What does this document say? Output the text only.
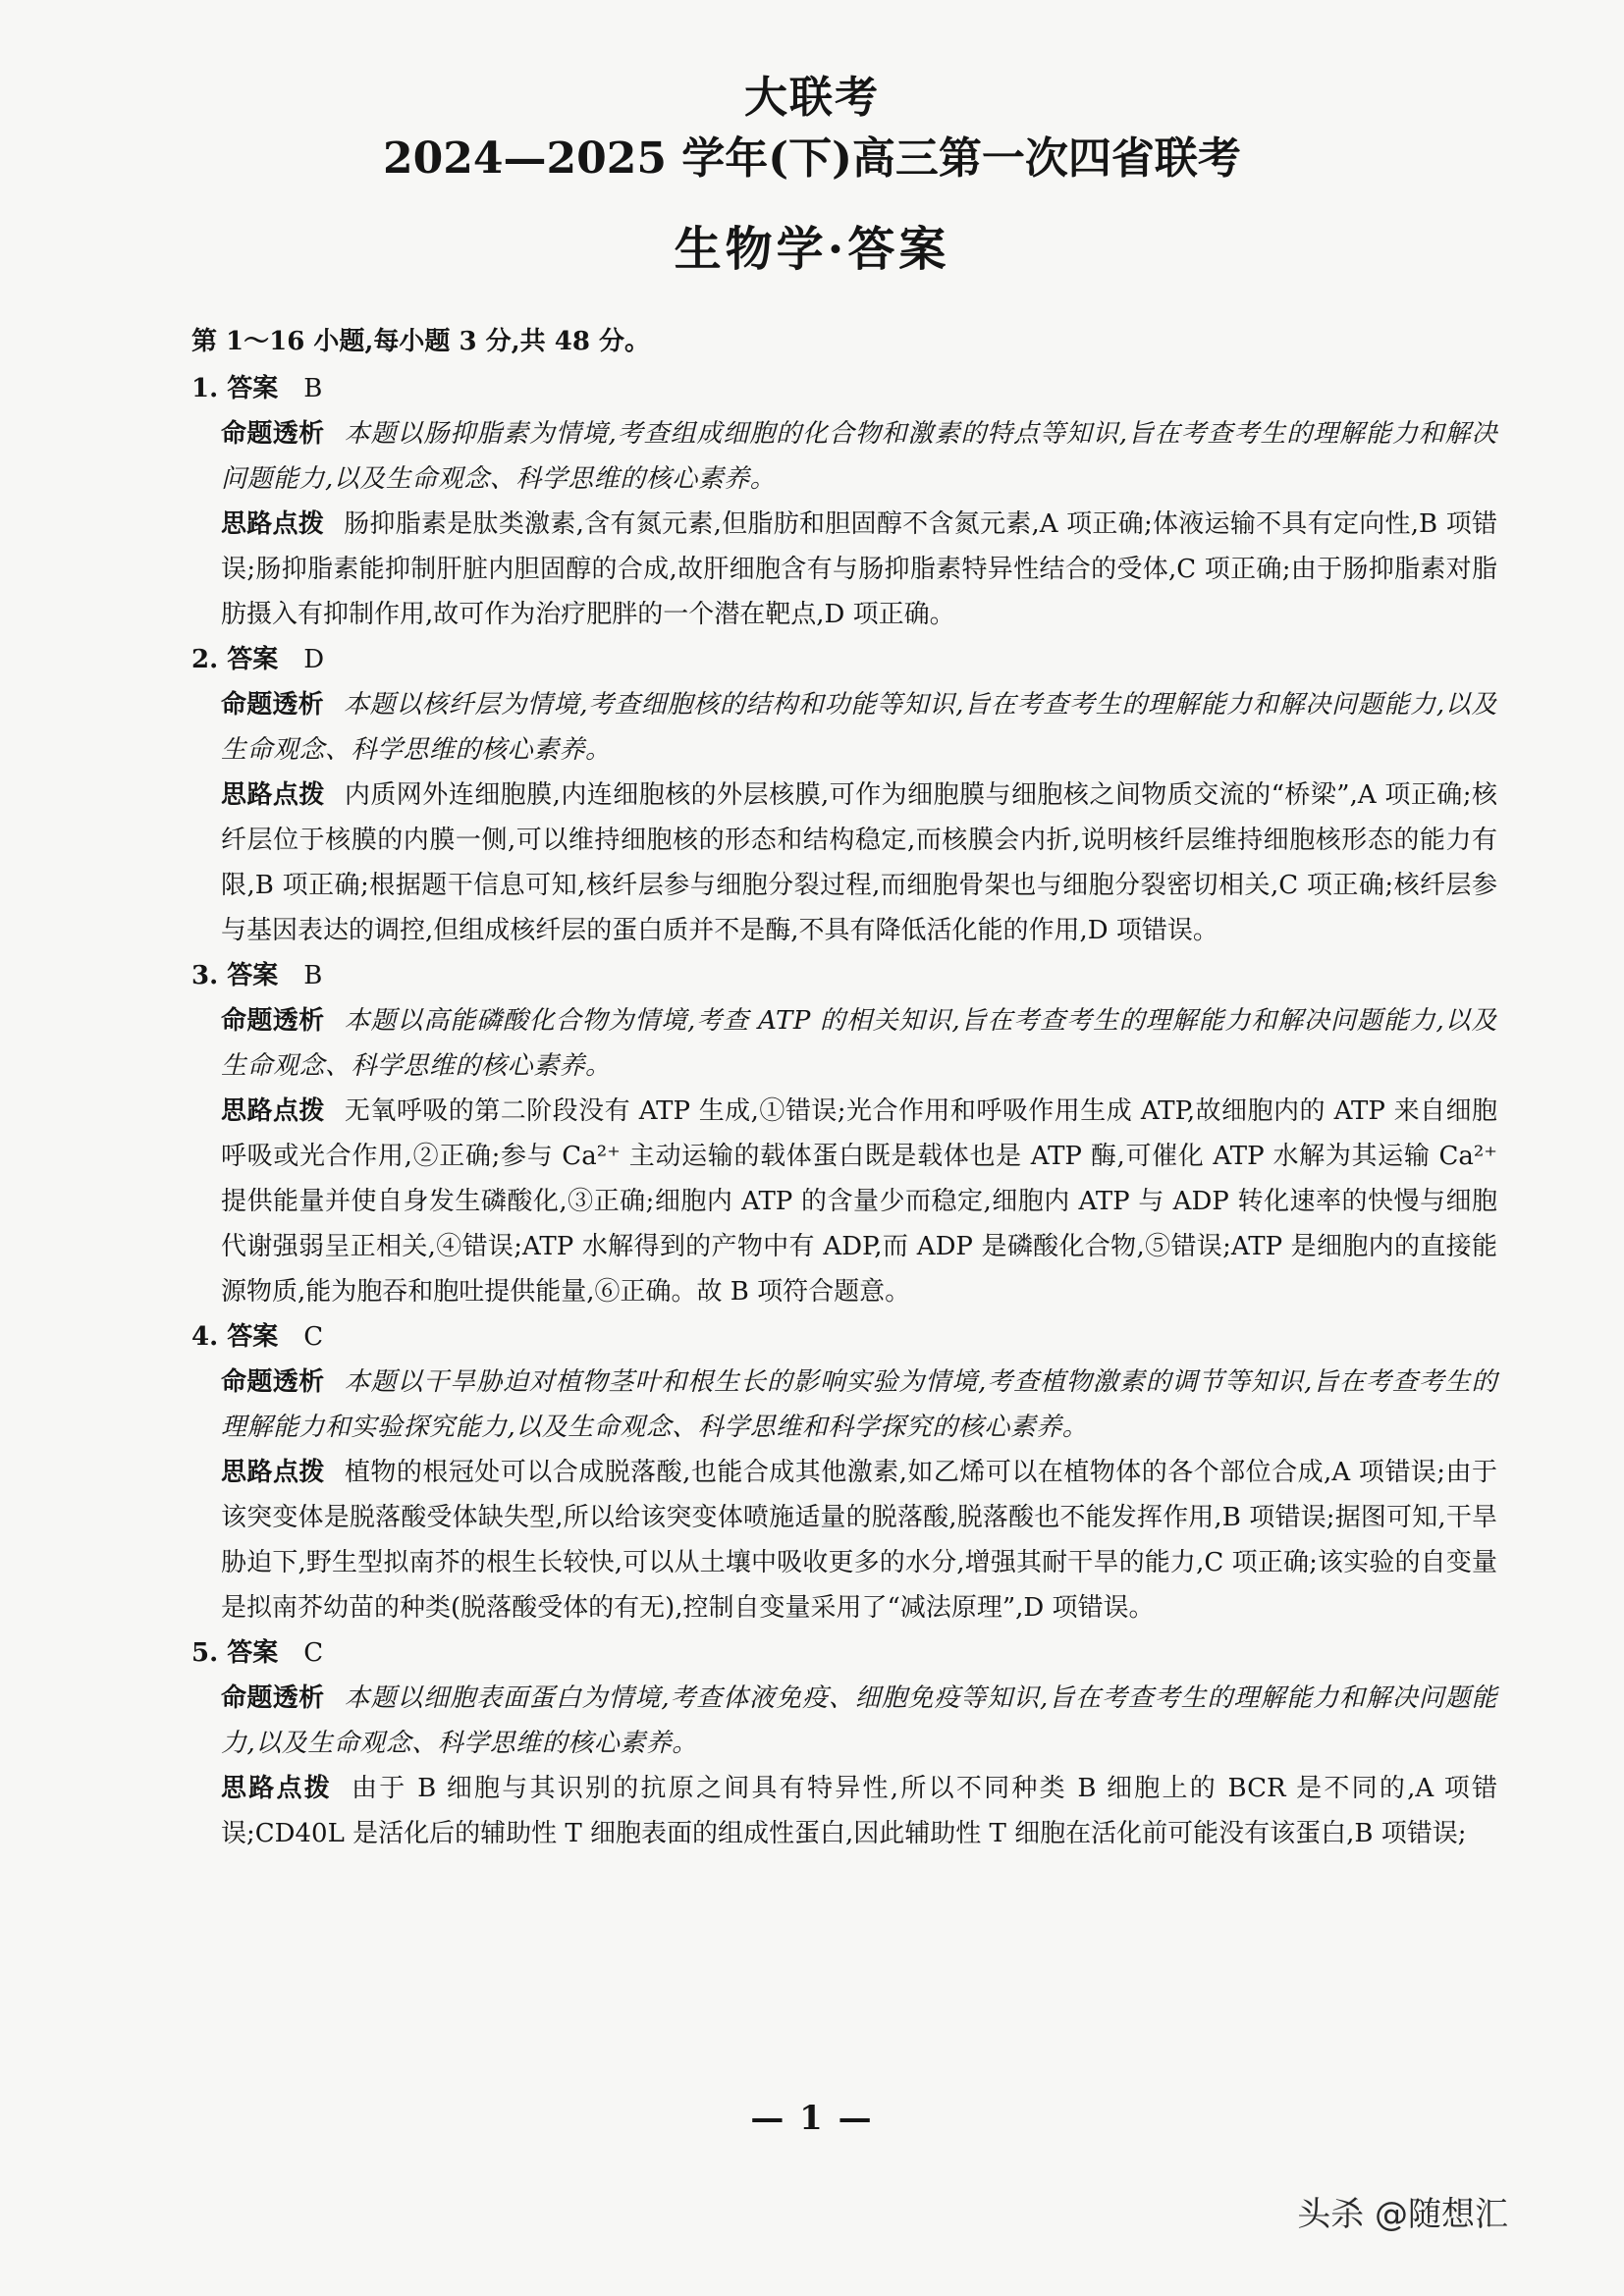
大联考
2024—2025 学年(下)高三第一次四省联考
生物学·答案
第 1～16 小题,每小题 3 分,共 48 分。
1. 答案 B
命题透析 本题以肠抑脂素为情境,考查组成细胞的化合物和激素的特点等知识,旨在考查考生的理解能力和解决问题能力,以及生命观念、科学思维的核心素养。
思路点拨 肠抑脂素是肽类激素,含有氮元素,但脂肪和胆固醇不含氮元素,A 项正确;体液运输不具有定向性,B 项错误;肠抑脂素能抑制肝脏内胆固醇的合成,故肝细胞含有与肠抑脂素特异性结合的受体,C 项正确;由于肠抑脂素对脂肪摄入有抑制作用,故可作为治疗肥胖的一个潜在靶点,D 项正确。
2. 答案 D
命题透析 本题以核纤层为情境,考查细胞核的结构和功能等知识,旨在考查考生的理解能力和解决问题能力,以及生命观念、科学思维的核心素养。
思路点拨 内质网外连细胞膜,内连细胞核的外层核膜,可作为细胞膜与细胞核之间物质交流的“桥梁”,A 项正确;核纤层位于核膜的内膜一侧,可以维持细胞核的形态和结构稳定,而核膜会内折,说明核纤层维持细胞核形态的能力有限,B 项正确;根据题干信息可知,核纤层参与细胞分裂过程,而细胞骨架也与细胞分裂密切相关,C 项正确;核纤层参与基因表达的调控,但组成核纤层的蛋白质并不是酶,不具有降低活化能的作用,D 项错误。
3. 答案 B
命题透析 本题以高能磷酸化合物为情境,考查 ATP 的相关知识,旨在考查考生的理解能力和解决问题能力,以及生命观念、科学思维的核心素养。
思路点拨 无氧呼吸的第二阶段没有 ATP 生成,①错误;光合作用和呼吸作用生成 ATP,故细胞内的 ATP 来自细胞呼吸或光合作用,②正确;参与 Ca²⁺ 主动运输的载体蛋白既是载体也是 ATP 酶,可催化 ATP 水解为其运输 Ca²⁺ 提供能量并使自身发生磷酸化,③正确;细胞内 ATP 的含量少而稳定,细胞内 ATP 与 ADP 转化速率的快慢与细胞代谢强弱呈正相关,④错误;ATP 水解得到的产物中有 ADP,而 ADP 是磷酸化合物,⑤错误;ATP 是细胞内的直接能源物质,能为胞吞和胞吐提供能量,⑥正确。故 B 项符合题意。
4. 答案 C
命题透析 本题以干旱胁迫对植物茎叶和根生长的影响实验为情境,考查植物激素的调节等知识,旨在考查考生的理解能力和实验探究能力,以及生命观念、科学思维和科学探究的核心素养。
思路点拨 植物的根冠处可以合成脱落酸,也能合成其他激素,如乙烯可以在植物体的各个部位合成,A 项错误;由于该突变体是脱落酸受体缺失型,所以给该突变体喷施适量的脱落酸,脱落酸也不能发挥作用,B 项错误;据图可知,干旱胁迫下,野生型拟南芥的根生长较快,可以从土壤中吸收更多的水分,增强其耐干旱的能力,C 项正确;该实验的自变量是拟南芥幼苗的种类(脱落酸受体的有无),控制自变量采用了“减法原理”,D 项错误。
5. 答案 C
命题透析 本题以细胞表面蛋白为情境,考查体液免疫、细胞免疫等知识,旨在考查考生的理解能力和解决问题能力,以及生命观念、科学思维的核心素养。
思路点拨 由于 B 细胞与其识别的抗原之间具有特异性,所以不同种类 B 细胞上的 BCR 是不同的,A 项错误;CD40L 是活化后的辅助性 T 细胞表面的组成性蛋白,因此辅助性 T 细胞在活化前可能没有该蛋白,B 项错误;
— 1 —
头杀 @随想汇
